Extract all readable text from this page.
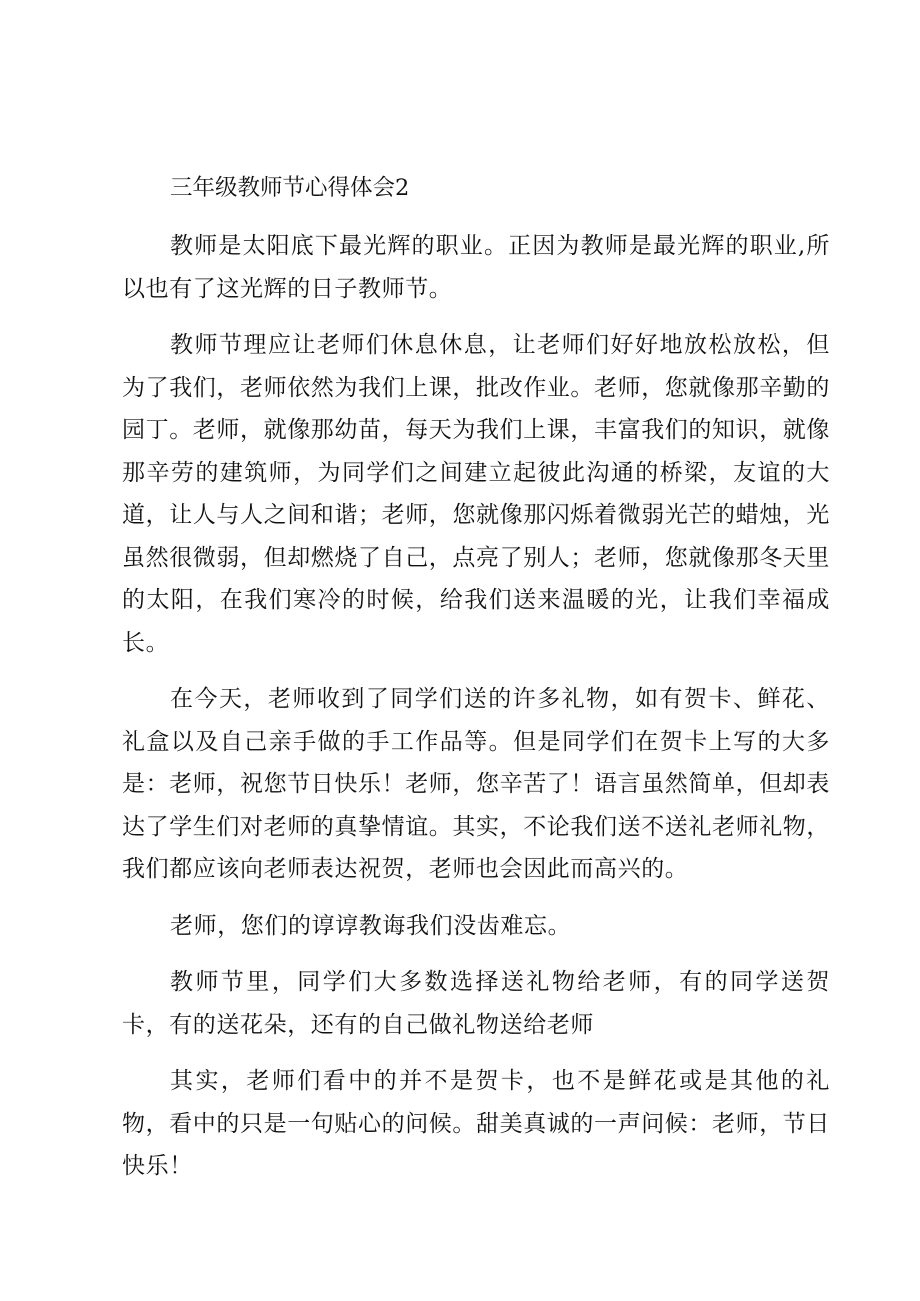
三年级教师节心得体会2

教师是太阳底下最光辉的职业。正因为教师是最光辉的职业,所以也有了这光辉的日子教师节。

教师节理应让老师们休息休息，让老师们好好地放松放松，但为了我们，老师依然为我们上课，批改作业。老师，您就像那辛勤的园丁。老师，就像那幼苗，每天为我们上课，丰富我们的知识，就像那辛劳的建筑师，为同学们之间建立起彼此沟通的桥梁，友谊的大道，让人与人之间和谐；老师，您就像那闪烁着微弱光芒的蜡烛，光虽然很微弱，但却燃烧了自己，点亮了别人；老师，您就像那冬天里的太阳，在我们寒冷的时候，给我们送来温暖的光，让我们幸福成长。

在今天，老师收到了同学们送的许多礼物，如有贺卡、鲜花、礼盒以及自己亲手做的手工作品等。但是同学们在贺卡上写的大多是：老师，祝您节日快乐！老师，您辛苦了！语言虽然简单，但却表达了学生们对老师的真挚情谊。其实，不论我们送不送礼老师礼物，我们都应该向老师表达祝贺，老师也会因此而高兴的。

老师，您们的谆谆教诲我们没齿难忘。

教师节里，同学们大多数选择送礼物给老师，有的同学送贺卡，有的送花朵，还有的自己做礼物送给老师

其实，老师们看中的并不是贺卡，也不是鲜花或是其他的礼物，看中的只是一句贴心的问候。甜美真诚的一声问候：老师，节日快乐！
